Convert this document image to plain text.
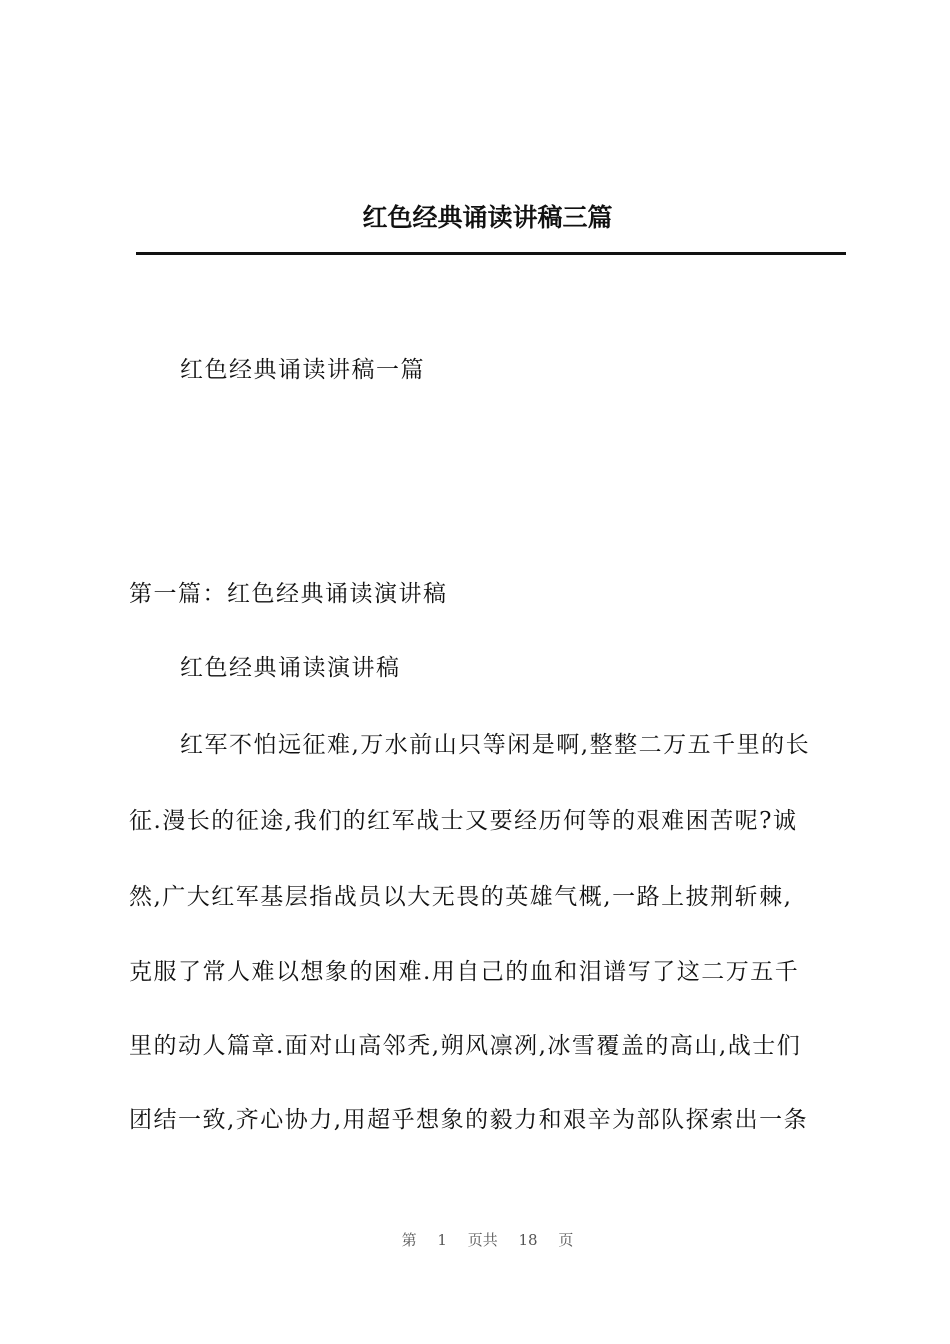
红色经典诵读讲稿三篇
红色经典诵读讲稿一篇
第一篇：红色经典诵读演讲稿
红色经典诵读演讲稿
红军不怕远征难,万水前山只等闲是啊,整整二万五千里的长
征.漫长的征途,我们的红军战士又要经历何等的艰难困苦呢?诚
然,广大红军基层指战员以大无畏的英雄气概,一路上披荆斩棘,
克服了常人难以想象的困难.用自己的血和泪谱写了这二万五千
里的动人篇章.面对山高邻秃,朔风凛冽,冰雪覆盖的高山,战士们
团结一致,齐心协力,用超乎想象的毅力和艰辛为部队探索出一条
第 1 页共 18 页
